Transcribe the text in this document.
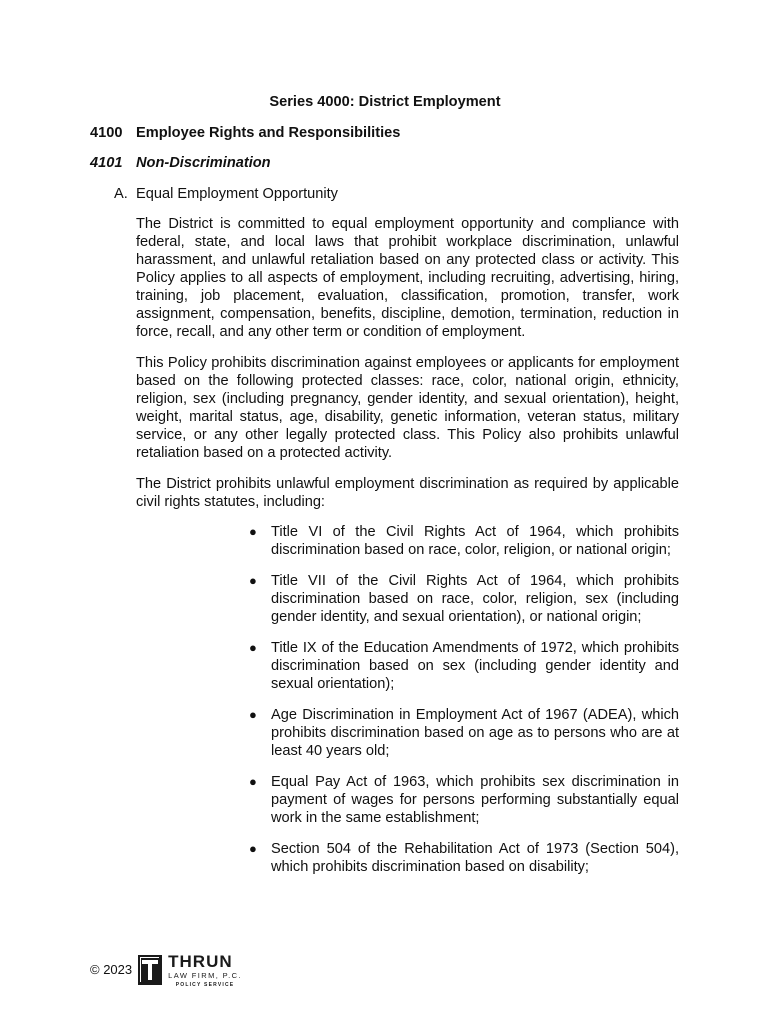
Series 4000: District Employment
4100 Employee Rights and Responsibilities
4101 Non-Discrimination
A. Equal Employment Opportunity
The District is committed to equal employment opportunity and compliance with federal, state, and local laws that prohibit workplace discrimination, unlawful harassment, and unlawful retaliation based on any protected class or activity. This Policy applies to all aspects of employment, including recruiting, advertising, hiring, training, job placement, evaluation, classification, promotion, transfer, work assignment, compensation, benefits, discipline, demotion, termination, reduction in force, recall, and any other term or condition of employment.
This Policy prohibits discrimination against employees or applicants for employment based on the following protected classes: race, color, national origin, ethnicity, religion, sex (including pregnancy, gender identity, and sexual orientation), height, weight, marital status, age, disability, genetic information, veteran status, military service, or any other legally protected class. This Policy also prohibits unlawful retaliation based on a protected activity.
The District prohibits unlawful employment discrimination as required by applicable civil rights statutes, including:
● Title VI of the Civil Rights Act of 1964, which prohibits discrimination based on race, color, religion, or national origin;
● Title VII of the Civil Rights Act of 1964, which prohibits discrimination based on race, color, religion, sex (including gender identity, and sexual orientation), or national origin;
● Title IX of the Education Amendments of 1972, which prohibits discrimination based on sex (including gender identity and sexual orientation);
● Age Discrimination in Employment Act of 1967 (ADEA), which prohibits discrimination based on age as to persons who are at least 40 years old;
● Equal Pay Act of 1963, which prohibits sex discrimination in payment of wages for persons performing substantially equal work in the same establishment;
● Section 504 of the Rehabilitation Act of 1973 (Section 504), which prohibits discrimination based on disability;
© 2023 THRUN
LAW FIRM, P.C.
POLICY SERVICE
